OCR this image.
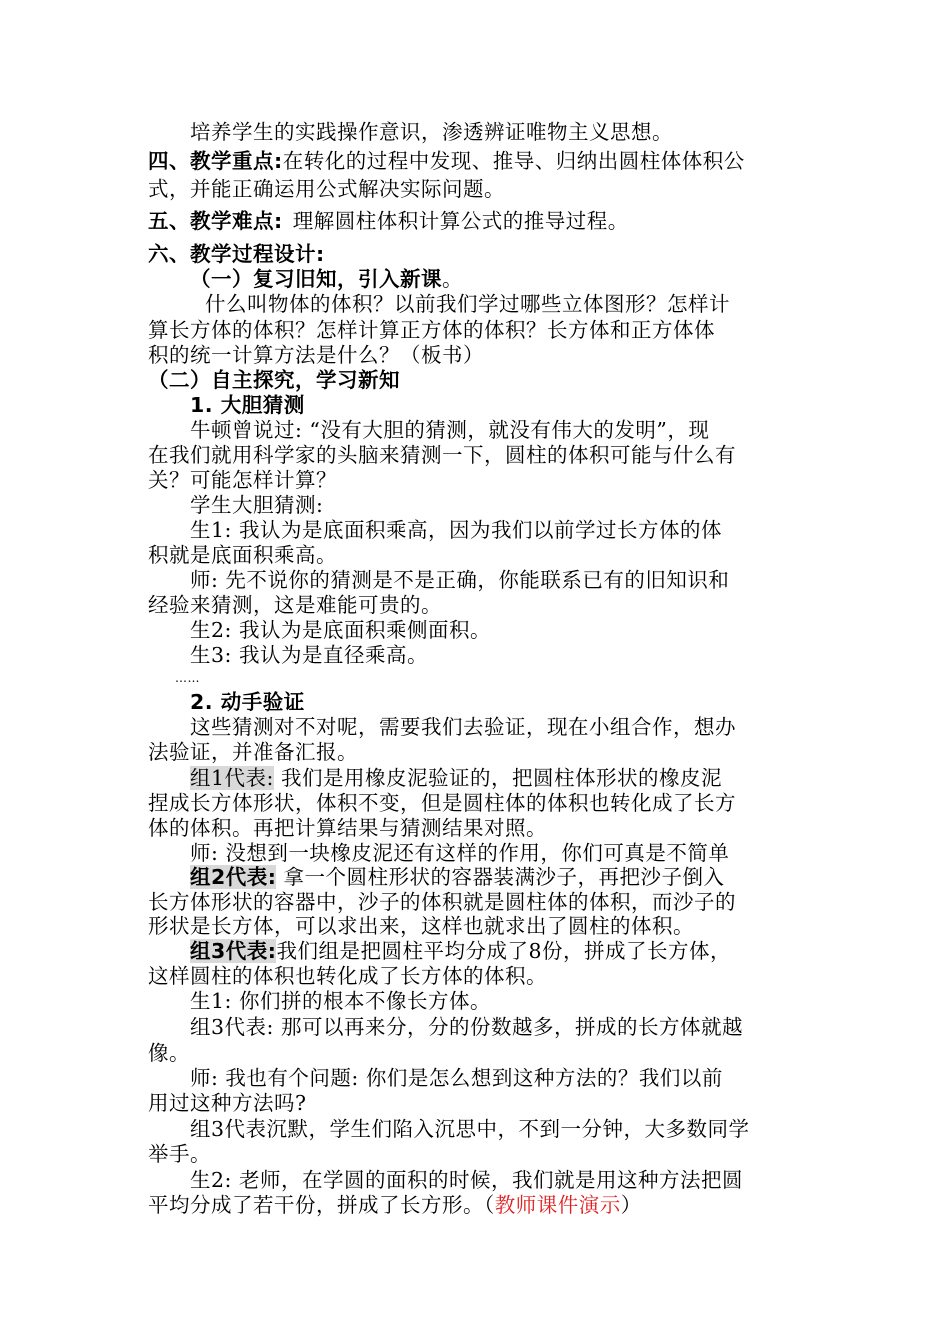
培养学生的实践操作意识，渗透辨证唯物主义思想。
四、教学重点:在转化的过程中发现、推导、归纳出圆柱体体积公
式，并能正确运用公式解决实际问题。
五、教学难点: 理解圆柱体积计算公式的推导过程。
六、教学过程设计:
（一）复习旧知，引入新课。
什么叫物体的体积？以前我们学过哪些立体图形？怎样计
算长方体的体积？怎样计算正方体的体积？长方体和正方体体
积的统一计算方法是什么？（板书）
（二）自主探究，学习新知
1. 大胆猜测
牛顿曾说过: “没有大胆的猜测，就没有伟大的发明”，现
在我们就用科学家的头脑来猜测一下，圆柱的体积可能与什么有
关？可能怎样计算？
学生大胆猜测:
生1: 我认为是底面积乘高，因为我们以前学过长方体的体
积就是底面积乘高。
师: 先不说你的猜测是不是正确，你能联系已有的旧知识和
经验来猜测，这是难能可贵的。
生2: 我认为是底面积乘侧面积。
生3: 我认为是直径乘高。
……
2. 动手验证
这些猜测对不对呢，需要我们去验证，现在小组合作，想办
法验证，并准备汇报。
组1代表: 我们是用橡皮泥验证的，把圆柱体形状的橡皮泥
捏成长方体形状，体积不变，但是圆柱体的体积也转化成了长方
体的体积。再把计算结果与猜测结果对照。
师: 没想到一块橡皮泥还有这样的作用，你们可真是不简单
组2代表: 拿一个圆柱形状的容器装满沙子，再把沙子倒入
长方体形状的容器中，沙子的体积就是圆柱体的体积，而沙子的
形状是长方体，可以求出来，这样也就求出了圆柱的体积。
组3代表:我们组是把圆柱平均分成了8份，拼成了长方体，
这样圆柱的体积也转化成了长方体的体积。
生1: 你们拼的根本不像长方体。
组3代表: 那可以再来分，分的份数越多，拼成的长方体就越
像。
师: 我也有个问题: 你们是怎么想到这种方法的？我们以前
用过这种方法吗?
组3代表沉默，学生们陷入沉思中，不到一分钟，大多数同学
举手。
生2: 老师，在学圆的面积的时候，我们就是用这种方法把圆
平均分成了若干份，拼成了长方形。（教师课件演示）
